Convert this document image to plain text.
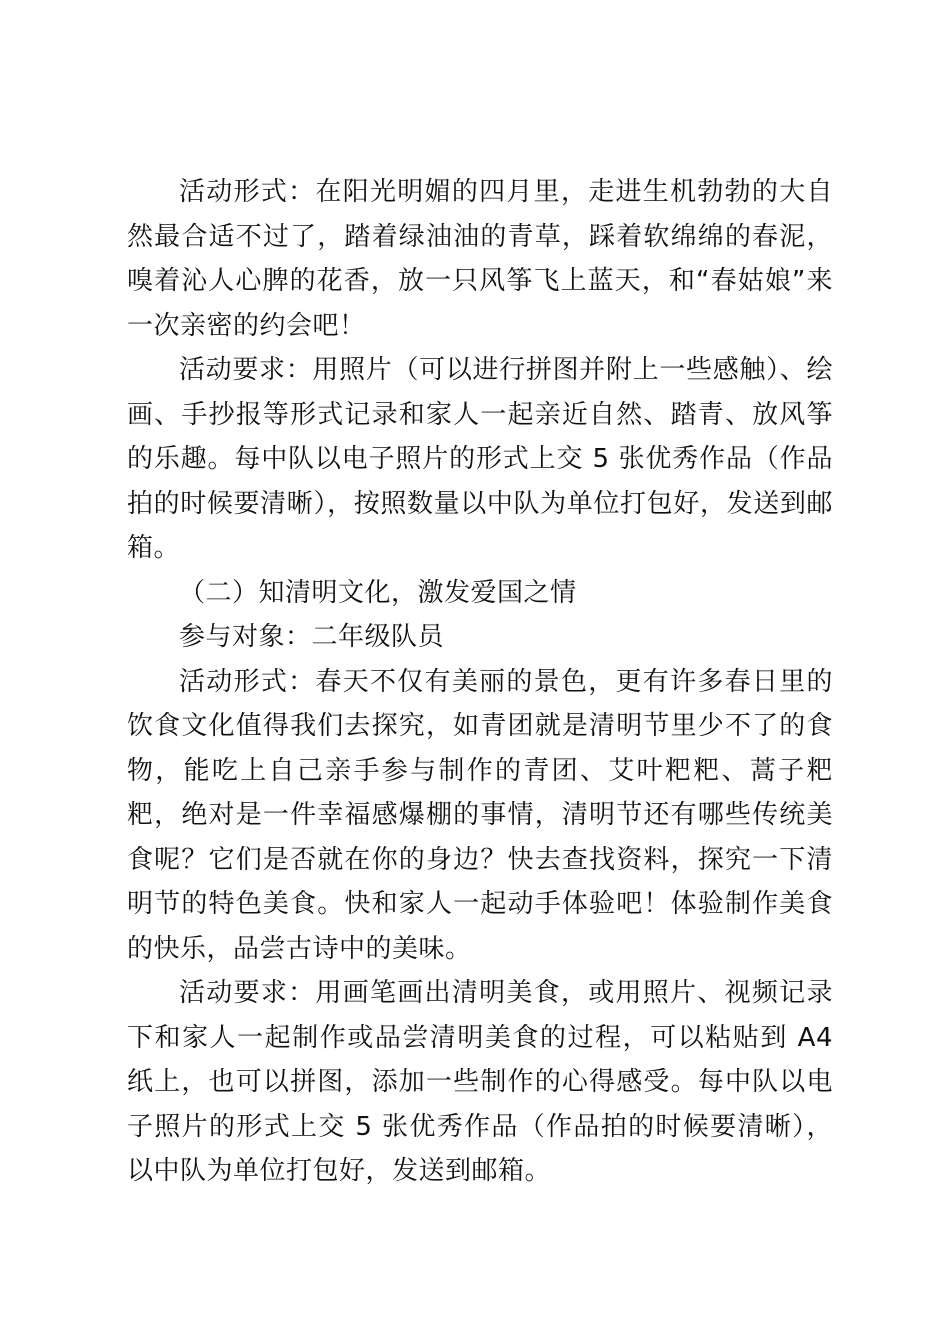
活动形式：在阳光明媚的四月里，走进生机勃勃的大自然最合适不过了，踏着绿油油的青草，踩着软绵绵的春泥，嗅着沁人心脾的花香，放一只风筝飞上蓝天，和“春姑娘”来一次亲密的约会吧！

活动要求：用照片（可以进行拼图并附上一些感触）、绘画、手抄报等形式记录和家人一起亲近自然、踏青、放风筝的乐趣。每中队以电子照片的形式上交 5 张优秀作品（作品拍的时候要清晰），按照数量以中队为单位打包好，发送到邮箱。

（二）知清明文化，激发爱国之情

参与对象：二年级队员

活动形式：春天不仅有美丽的景色，更有许多春日里的饮食文化值得我们去探究，如青团就是清明节里少不了的食物，能吃上自己亲手参与制作的青团、艾叶粑粑、蒿子粑粑，绝对是一件幸福感爆棚的事情，清明节还有哪些传统美食呢？它们是否就在你的身边？快去查找资料，探究一下清明节的特色美食。快和家人一起动手体验吧！体验制作美食的快乐，品尝古诗中的美味。

活动要求：用画笔画出清明美食，或用照片、视频记录下和家人一起制作或品尝清明美食的过程，可以粘贴到 A4 纸上，也可以拼图，添加一些制作的心得感受。每中队以电子照片的形式上交 5 张优秀作品（作品拍的时候要清晰），以中队为单位打包好，发送到邮箱。
